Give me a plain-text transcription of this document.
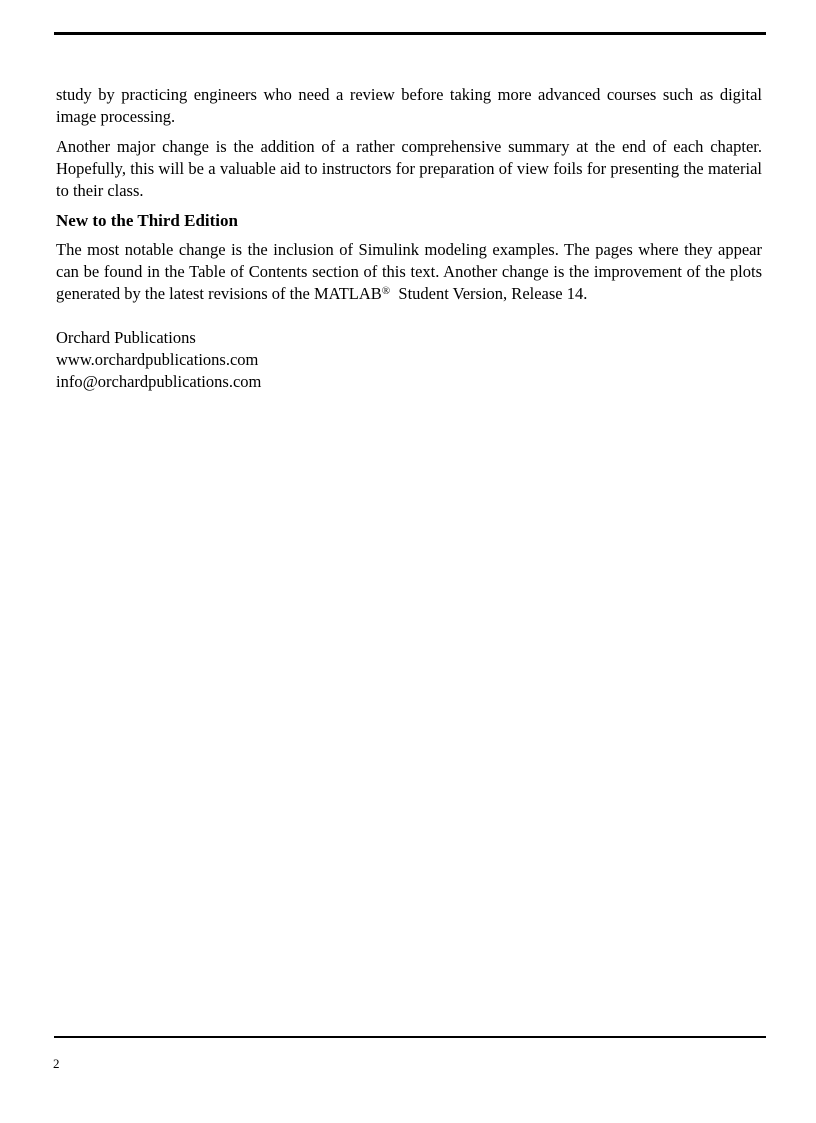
study by practicing engineers who need a review before taking more advanced courses such as digital image processing.

Another major change is the addition of a rather comprehensive summary at the end of each chapter. Hopefully, this will be a valuable aid to instructors for preparation of view foils for presenting the material to their class.

New to the Third Edition

The most notable change is the inclusion of Simulink modeling examples. The pages where they appear can be found in the Table of Contents section of this text. Another change is the improvement of the plots generated by the latest revisions of the MATLAB®  Student Version, Release 14.

Orchard Publications
www.orchardpublications.com
info@orchardpublications.com
2
